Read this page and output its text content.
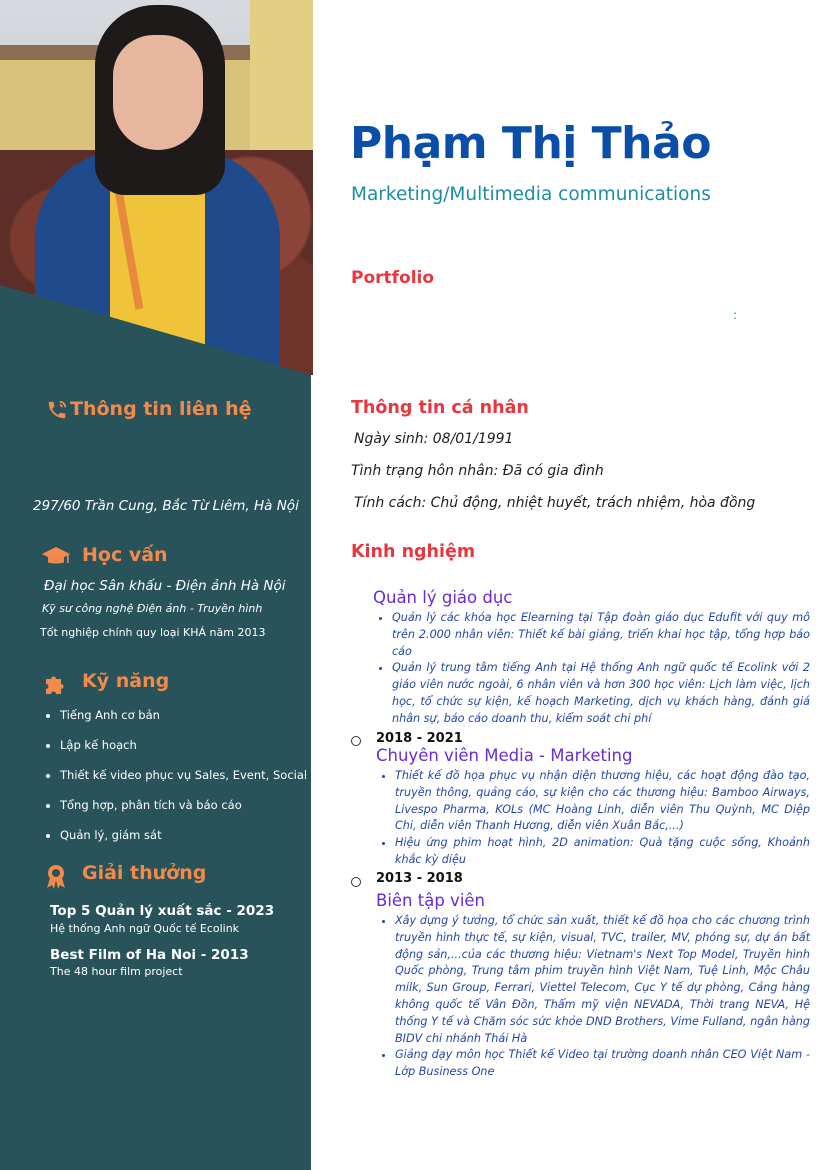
Thông tin liên hệ
297/60 Trần Cung, Bắc Từ Liêm, Hà Nội
Học vấn
Đại học Sân khấu - Điện ảnh Hà Nội
Kỹ sư công nghệ Điện ảnh - Truyền hình
Tốt nghiệp chính quy loại KHÁ năm 2013
Kỹ năng
• Tiếng Anh cơ bản
• Lập kế hoạch
• Thiết kế video phục vụ Sales, Event, Social
• Tổng hợp, phân tích và báo cáo
• Quản lý, giám sát
Giải thưởng
Top 5 Quản lý xuất sắc - 2023
Hệ thống Anh ngữ Quốc tế Ecolink
Best Film of Ha Noi - 2013
The 48 hour film project
Phạm Thị Thảo
Marketing/Multimedia communications
Portfolio
:
Thông tin cá nhân
Ngày sinh: 08/01/1991
Tình trạng hôn nhân: Đã có gia đình
Tính cách: Chủ động, nhiệt huyết, trách nhiệm, hòa đồng
Kinh nghiệm
Quản lý giáo dục
• Quản lý các khóa học Elearning tại Tập đoàn giáo dục Edufit với quy mô trên 2.000 nhân viên: Thiết kế bài giảng, triển khai học tập, tổng hợp báo cáo
• Quản lý trung tâm tiếng Anh tại Hệ thống Anh ngữ quốc tế Ecolink với 2 giáo viên nước ngoài, 6 nhân viên và hơn 300 học viên: Lịch làm việc, lịch học, tổ chức sự kiện, kế hoạch Marketing, dịch vụ khách hàng, đánh giá nhân sự, báo cáo doanh thu, kiểm soát chi phí
2018 - 2021
Chuyên viên Media - Marketing
• Thiết kế đồ họa phục vụ nhận diện thương hiệu, các hoạt động đào tạo, truyền thông, quảng cáo, sự kiện cho các thương hiệu: Bamboo Airways, Livespo Pharma, KOLs (MC Hoàng Linh, diễn viên Thu Quỳnh, MC Diệp Chi, diễn viên Thanh Hương, diễn viên Xuân Bắc,...)
• Hiệu ứng phim hoạt hình, 2D animation: Quà tặng cuộc sống, Khoảnh khắc kỳ diệu
2013 - 2018
Biên tập viên
• Xây dựng ý tưởng, tổ chức sản xuất, thiết kế đồ họa cho các chương trình truyền hình thực tế, sự kiện, visual, TVC, trailer, MV, phóng sự, dự án bất động sản,...của các thương hiệu: Vietnam's Next Top Model, Truyền hình Quốc phòng, Trung tâm phim truyền hình Việt Nam, Tuệ Linh, Mộc Châu milk, Sun Group, Ferrari, Viettel Telecom, Cục Y tế dự phòng, Cảng hàng không quốc tế Vân Đồn, Thẩm mỹ viện NEVADA, Thời trang NEVA, Hệ thống Y tế và Chăm sóc sức khỏe DND Brothers, Vime Fulland, ngân hàng BIDV chi nhánh Thái Hà
• Giảng dạy môn học Thiết kế Video tại trường doanh nhân CEO Việt Nam - Lớp Business One
